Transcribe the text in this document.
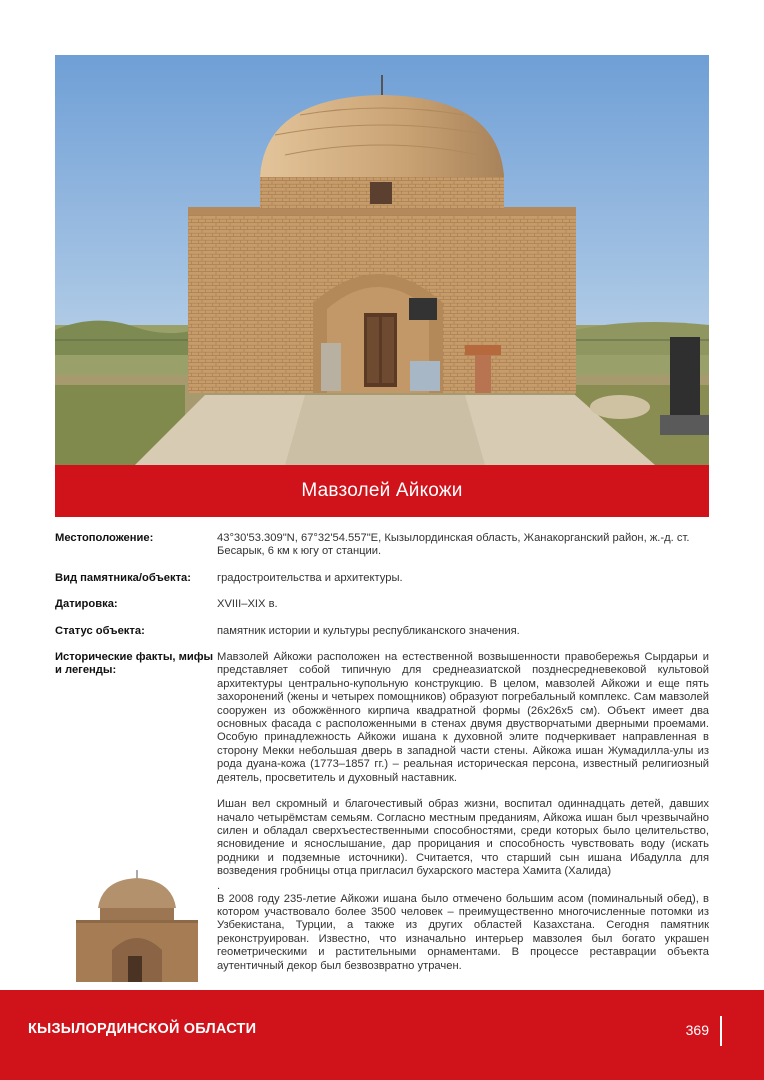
Мавзолей Айкожи
Местоположение:	43°30'53.309"N, 67°32'54.557"E, Кызылординская область, Жанакорганский район, ж.-д. ст. Бесарык, 6 км к югу от станции.
Вид памятника/объекта:	градостроительства и архитектуры.
Датировка:	XVIII–XIX в.
Статус объекта:	памятник истории и культуры республиканского значения.
Исторические факты, мифы и легенды:

Мавзолей Айкожи расположен на естественной возвышенности правобережья Сырдарьи и представляет собой типичную для среднеазиатской позднесредневековой культовой архитектуры центрально-купольную конструкцию. В целом, мавзолей Айкожи и еще пять захоронений (жены и четырех помощников) образуют погребальный комплекс. Сам мавзолей сооружен из обожжённого кирпича квадратной формы (26х26х5 см). Объект имеет два основных фасада с расположенными в стенах двумя двустворчатыми дверными проемами. Особую принадлежность Айкожи ишана к духовной элите подчеркивает направленная в сторону Мекки небольшая дверь в западной части стены. Айкожа ишан Жумадилла-улы из рода дуана-кожа (1773–1857 гг.) – реальная историческая персона, известный религиозный деятель, просветитель и духовный наставник.

Ишан вел скромный и благочестивый образ жизни, воспитал одиннадцать детей, давших начало четырёмстам семьям. Согласно местным преданиям, Айкожа ишан был чрезвычайно силен и обладал сверхъестественными способностями, среди которых было целительство, ясновидение и яснослышание, дар прорицания и способность чувствовать воду (искать родники и подземные источники). Считается, что старший сын ишана Ибадулла для возведения гробницы отца пригласил бухарского мастера Хамита (Халида)

.

В 2008 году 235-летие Айкожи ишана было отмечено большим асом (поминальный обед), в котором участвовало более 3500 человек – преимущественно многочисленные потомки из Узбекистана, Турции, а также из других областей Казахстана. Сегодня памятник реконструирован. Известно, что изначально интерьер мавзолея был богато украшен геометрическими и растительными орнаментами. В процессе реставрации объекта аутентичный декор был безвозвратно утрачен.

КЫЗЫЛОРДИНСКОЙ ОБЛАСТИ	369
